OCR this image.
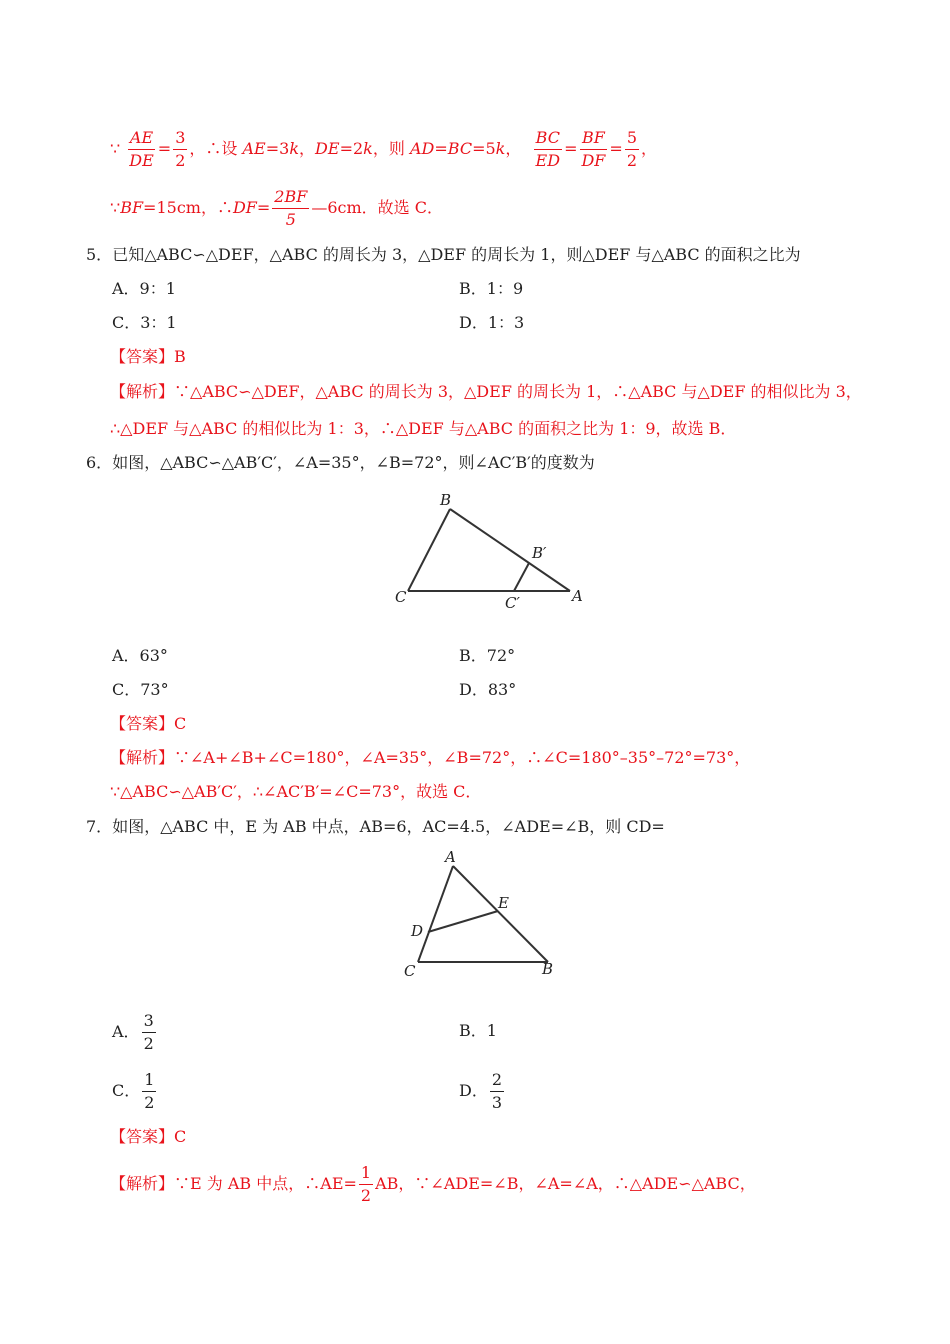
∵ $\frac{AE}{DE} = \frac{3}{2}$ ，∴设 AE=3k，DE=2k，则 AD=BC=5k， $\frac{BC}{ED} = \frac{BF}{DF} = \frac{5}{2}$ ，
∵BF=15cm，∴DF= $\frac{2BF}{5}$ —6cm．故选 C．
5．已知△ABC∽△DEF，△ABC 的周长为 3，△DEF 的周长为 1，则△DEF 与△ABC 的面积之比为
A．9：1	B．1：9
C．3：1	D．1：3
【答案】B
【解析】∵△ABC∽△DEF，△ABC 的周长为 3，△DEF 的周长为 1，∴△ABC 与△DEF 的相似比为 3，
∴△DEF 与△ABC 的相似比为 1：3，∴△DEF 与△ABC 的面积之比为 1：9，故选 B．
6．如图，△ABC∽△AB′C′，∠A=35°，∠B=72°，则∠AC′B′的度数为
B
B′
C	C′	A
A．63°	B．72°
C．73°	D．83°
【答案】C
【解析】∵∠A+∠B+∠C=180°，∠A=35°，∠B=72°，∴∠C=180°–35°–72°=73°，
∵△ABC∽△AB′C′，∴∠AC′B′=∠C=73°，故选 C．
7．如图，△ABC 中，E 为 AB 中点，AB=6，AC=4.5，∠ADE=∠B，则 CD=
A
E
D
C	B
A． $\frac{3}{2}$	B．1
C． $\frac{1}{2}$	D． $\frac{2}{3}$
【答案】C
【解析】∵E 为 AB 中点，∴AE= $\frac{1}{2}$ AB，∵∠ADE=∠B，∠A=∠A，∴△ADE∽△ABC，
